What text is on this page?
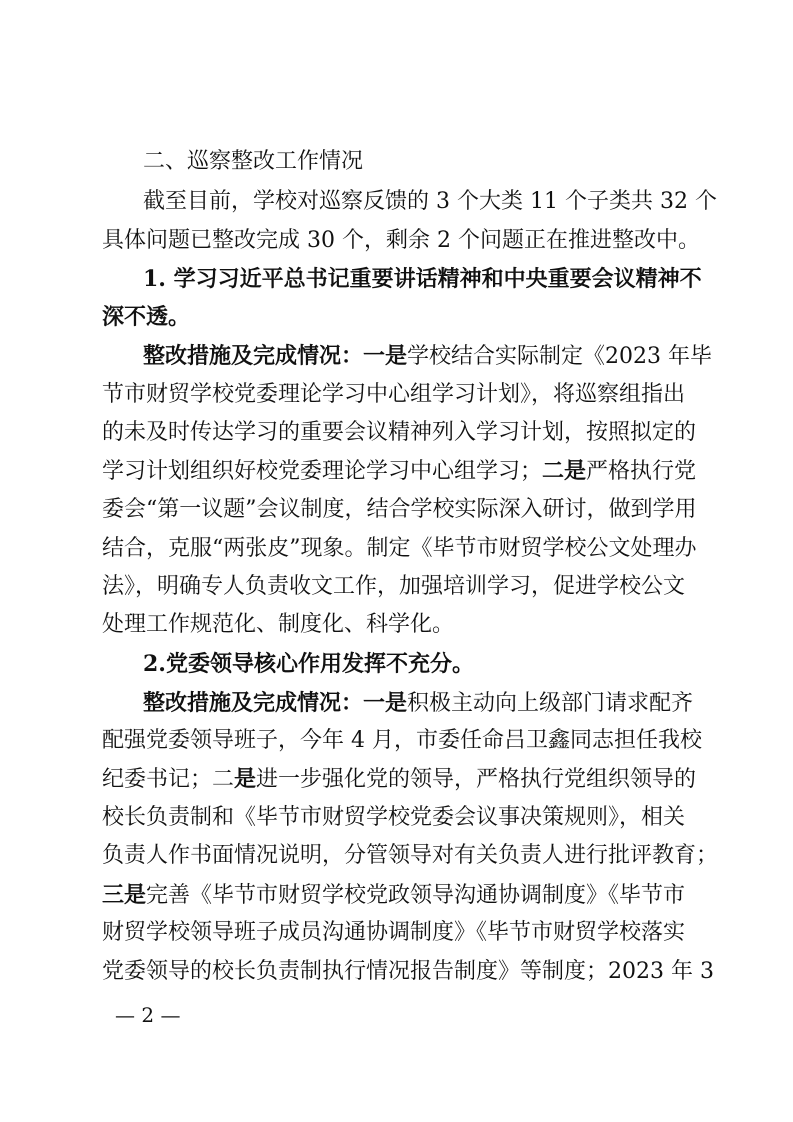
二、巡察整改工作情况
截至目前，学校对巡察反馈的 3 个大类 11 个子类共 32 个
具体问题已整改完成 30 个，剩余 2 个问题正在推进整改中。
1. 学习习近平总书记重要讲话精神和中央重要会议精神不
深不透。
整改措施及完成情况：一是学校结合实际制定《2023 年毕
节市财贸学校党委理论学习中心组学习计划》，将巡察组指出
的未及时传达学习的重要会议精神列入学习计划，按照拟定的
学习计划组织好校党委理论学习中心组学习；二是严格执行党
委会“第一议题”会议制度，结合学校实际深入研讨，做到学用
结合，克服“两张皮”现象。制定《毕节市财贸学校公文处理办
法》，明确专人负责收文工作，加强培训学习，促进学校公文
处理工作规范化、制度化、科学化。
2.党委领导核心作用发挥不充分。
整改措施及完成情况：一是积极主动向上级部门请求配齐
配强党委领导班子，今年 4 月，市委任命吕卫鑫同志担任我校
纪委书记；二是进一步强化党的领导，严格执行党组织领导的
校长负责制和《毕节市财贸学校党委会议事决策规则》，相关
负责人作书面情况说明，分管领导对有关负责人进行批评教育；
三是完善《毕节市财贸学校党政领导沟通协调制度》《毕节市
财贸学校领导班子成员沟通协调制度》《毕节市财贸学校落实
党委领导的校长负责制执行情况报告制度》等制度；2023 年 3
— 2 —
